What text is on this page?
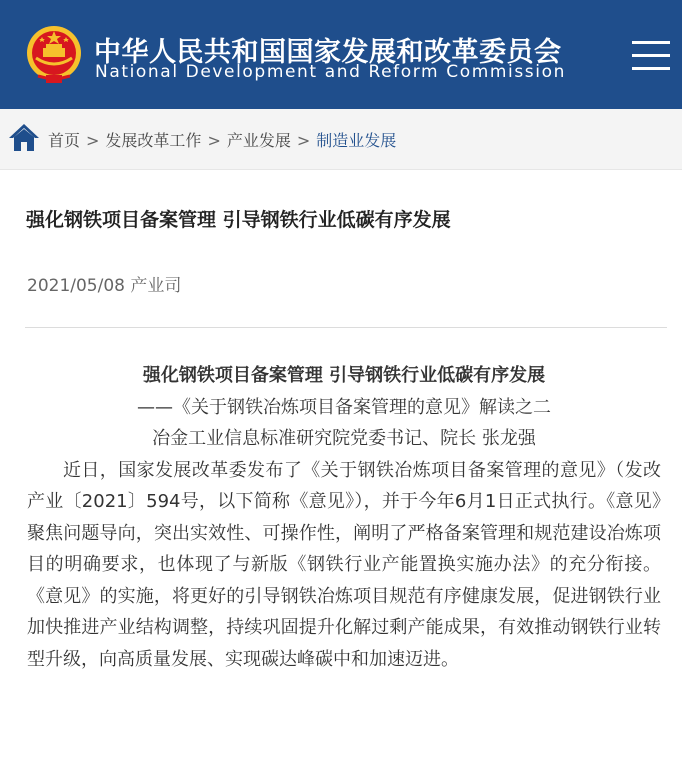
中华人民共和国国家发展和改革委员会
National Development and Reform Commission
首页 > 发展改革工作 > 产业发展 > 制造业发展
强化钢铁项目备案管理 引导钢铁行业低碳有序发展
2021/05/08 产业司
强化钢铁项目备案管理 引导钢铁行业低碳有序发展
——《关于钢铁冶炼项目备案管理的意见》解读之二
冶金工业信息标准研究院党委书记、院长 张龙强

近日，国家发展改革委发布了《关于钢铁冶炼项目备案管理的意见》（发改产业〔2021〕594号，以下简称《意见》），并于今年6月1日正式执行。《意见》聚焦问题导向，突出实效性、可操作性，阐明了严格备案管理和规范建设冶炼项目的明确要求，也体现了与新版《钢铁行业产能置换实施办法》的充分衔接。《意见》的实施，将更好的引导钢铁冶炼项目规范有序健康发展，促进钢铁行业加快推进产业结构调整，持续巩固提升化解过剩产能成果，有效推动钢铁行业转型升级，向高质量发展、实现碳达峰碳中和加速迈进。
